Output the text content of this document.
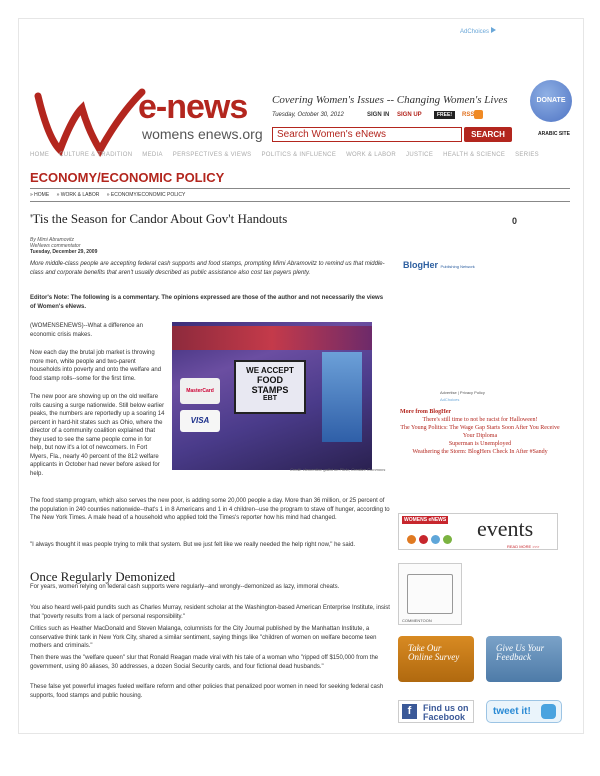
AdChoices
e-news
womens enews.org
Covering Women's Issues -- Changing Women's Lives
Tuesday, October 30, 2012	SIGN IN SIGN UP	FREE!	RSS
Search Women's eNews	SEARCH	ARABIC SITE
DONATE
HOME CULTURE & TRADITION MEDIA PERSPECTIVES & VIEWS POLITICS & INFLUENCE WORK & LABOR JUSTICE HEALTH & SCIENCE SERIES
ECONOMY/ECONOMIC POLICY
» HOME » WORK & LABOR » ECONOMY/ECONOMIC POLICY
'Tis the Season for Candor About Gov't Handouts	0
By Mimi Abramovitz
WeNews commentator
Tuesday, December 29, 2009
More middle-class people are accepting federal cash supports and food stamps, prompting Mimi Abramovitz to remind us that middle-class and corporate benefits that aren't usually described as public assistance also cost tax payers plenty.
Editor's Note: The following is a commentary. The opinions expressed are those of the author and not necessarily the views of Women's eNews.
(WOMENSENEWS)--What a difference an economic crisis makes.
Now each day the brutal job market is throwing more men, white people and two-parent households into poverty and onto the welfare and food stamp rolls--some for the first time.
The new poor are showing up on the old welfare rolls causing a surge nationwide. Still below earlier peaks, the numbers are reportedly up a soaring 14 percent in hard-hit states such as Ohio, where the director of a community coalition explained that they used to see the same people come in for help, but now it's a lot of newcomers. In Fort Myers, Fla., nearly 40 percent of the 812 welfare applicants in October had never before asked for help.
MasterCard
VISA
WE ACCEPT
FOOD
STAMPS
EBT
Credit: clementine gallot on Flickr, Creative Commons
The food stamp program, which also serves the new poor, is adding some 20,000 people a day. More than 36 million, or 25 percent of the population in 240 counties nationwide--that's 1 in 8 Americans and 1 in 4 children--use the program to stave off hunger, according to The New York Times. A male head of a household who applied told the Times's reporter how his mind had changed.
"I always thought it was people trying to milk that system. But we just felt like we really needed the help right now," he said.
Once Regularly Demonized
For years, women relying on federal cash supports were regularly--and wrongly--demonized as lazy, immoral cheats.
You also heard well-paid pundits such as Charles Murray, resident scholar at the Washington-based American Enterprise Institute, insist that "poverty results from a lack of personal responsibility."
Critics such as Heather MacDonald and Steven Malanga, columnists for the City Journal published by the Manhattan Institute, a conservative think tank in New York City, shared a similar sentiment, saying things like "children of women on welfare become teen mothers and criminals."
Then there was the "welfare queen" slur that Ronald Reagan made viral with his tale of a woman who "ripped off $150,000 from the government, using 80 aliases, 30 addresses, a dozen Social Security cards, and four fictional dead husbands."
These false yet powerful images fueled welfare reform and other policies that penalized poor women in need for seeking federal cash supports, food stamps and public housing.
BlogHer Publishing Network
Advertise | Privacy Policy
AdChoices
More from BlogHer
There's still time to not be racist for Halloween!
The Young Politics: The Wage Gap Starts Soon After You Receive Your Diploma
Superman is Unemployed
Weathering the Storm: BlogHers Check In After #Sandy
WOMENS eNEWS events
READ MORE >>>
COMMENTOON
Take Our Online Survey
Give Us Your Feedback
f	Find us on Facebook	tweet it!
